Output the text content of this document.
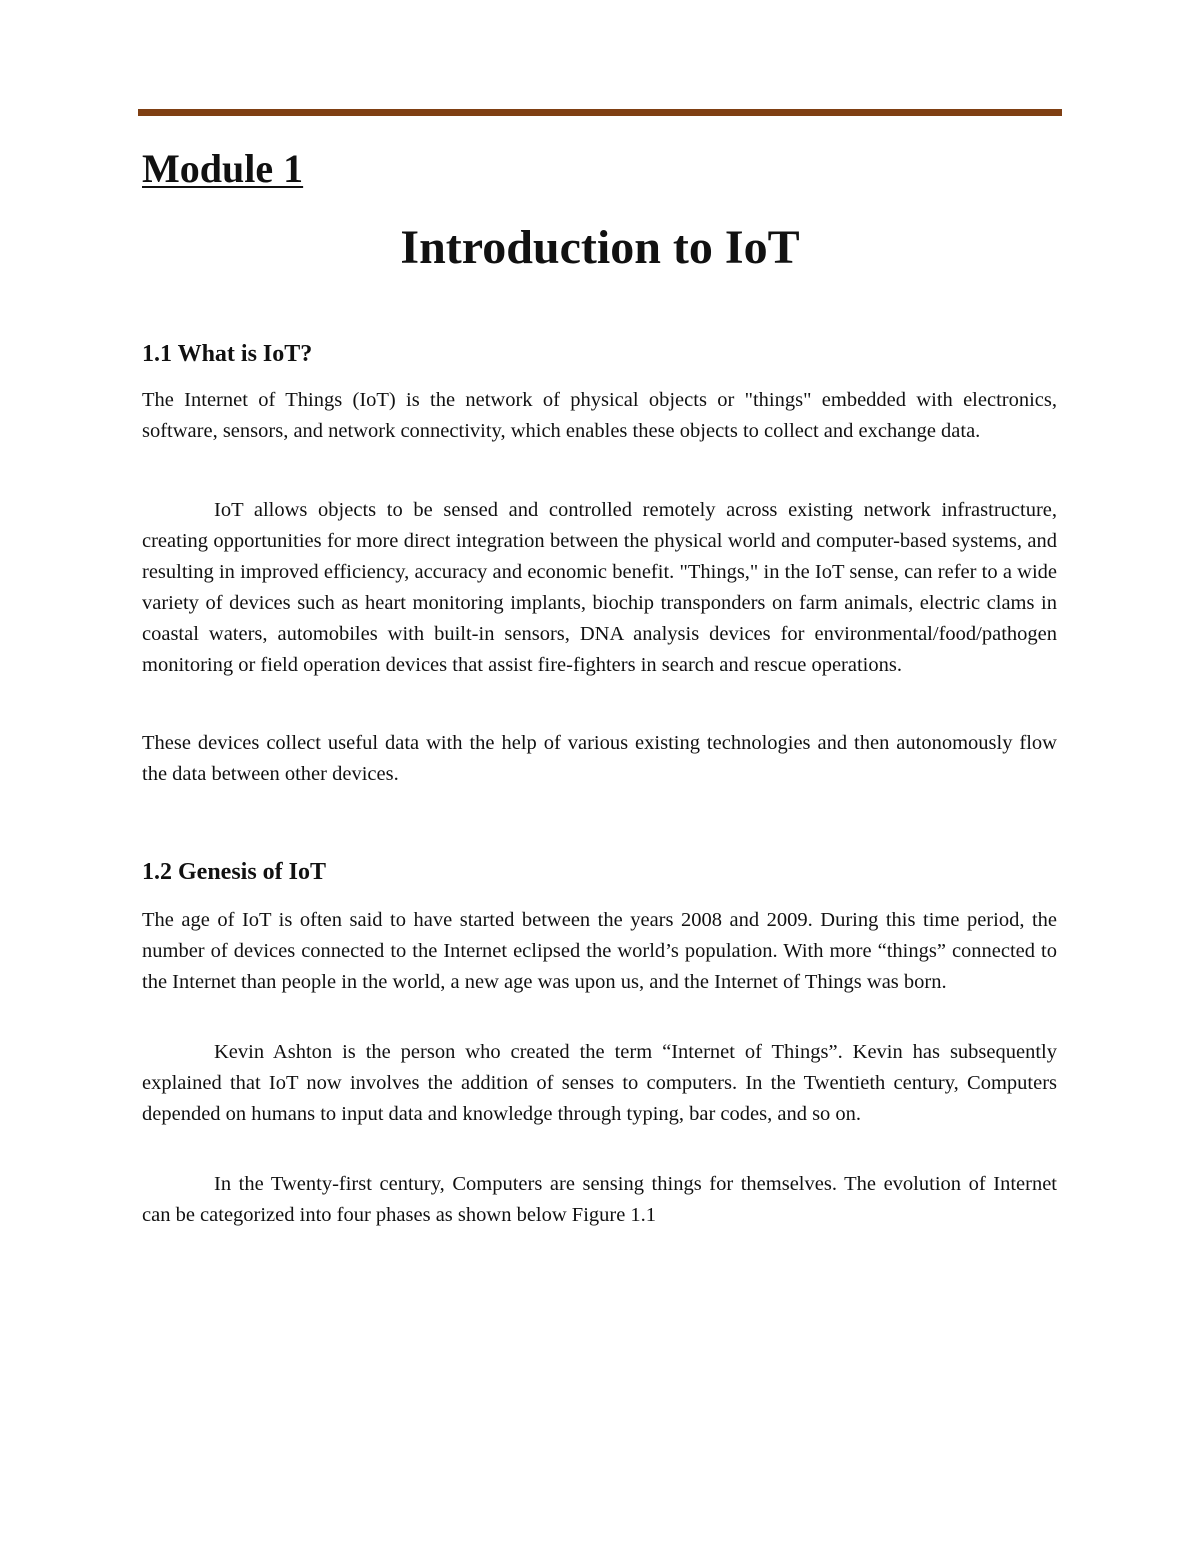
Module 1
Introduction to IoT
1.1 What is IoT?

The Internet of Things (IoT) is the network of physical objects or "things" embedded with electronics, software, sensors, and network connectivity, which enables these objects to collect and exchange data.

IoT allows objects to be sensed and controlled remotely across existing network infrastructure, creating opportunities for more direct integration between the physical world and computer-based systems, and resulting in improved efficiency, accuracy and economic benefit. "Things," in the IoT sense, can refer to a wide variety of devices such as heart monitoring implants, biochip transponders on farm animals, electric clams in coastal waters, automobiles with built-in sensors, DNA analysis devices for environmental/food/pathogen monitoring or field operation devices that assist fire-fighters in search and rescue operations.

These devices collect useful data with the help of various existing technologies and then autonomously flow the data between other devices.

1.2 Genesis of IoT

The age of IoT is often said to have started between the years 2008 and 2009. During this time period, the number of devices connected to the Internet eclipsed the world’s population. With more “things” connected to the Internet than people in the world, a new age was upon us, and the Internet of Things was born.

Kevin Ashton is the person who created the term “Internet of Things”. Kevin has subsequently explained that IoT now involves the addition of senses to computers. In the Twentieth century, Computers depended on humans to input data and knowledge through typing, bar codes, and so on.

In the Twenty-first century, Computers are sensing things for themselves. The evolution of Internet can be categorized into four phases as shown below Figure 1.1
